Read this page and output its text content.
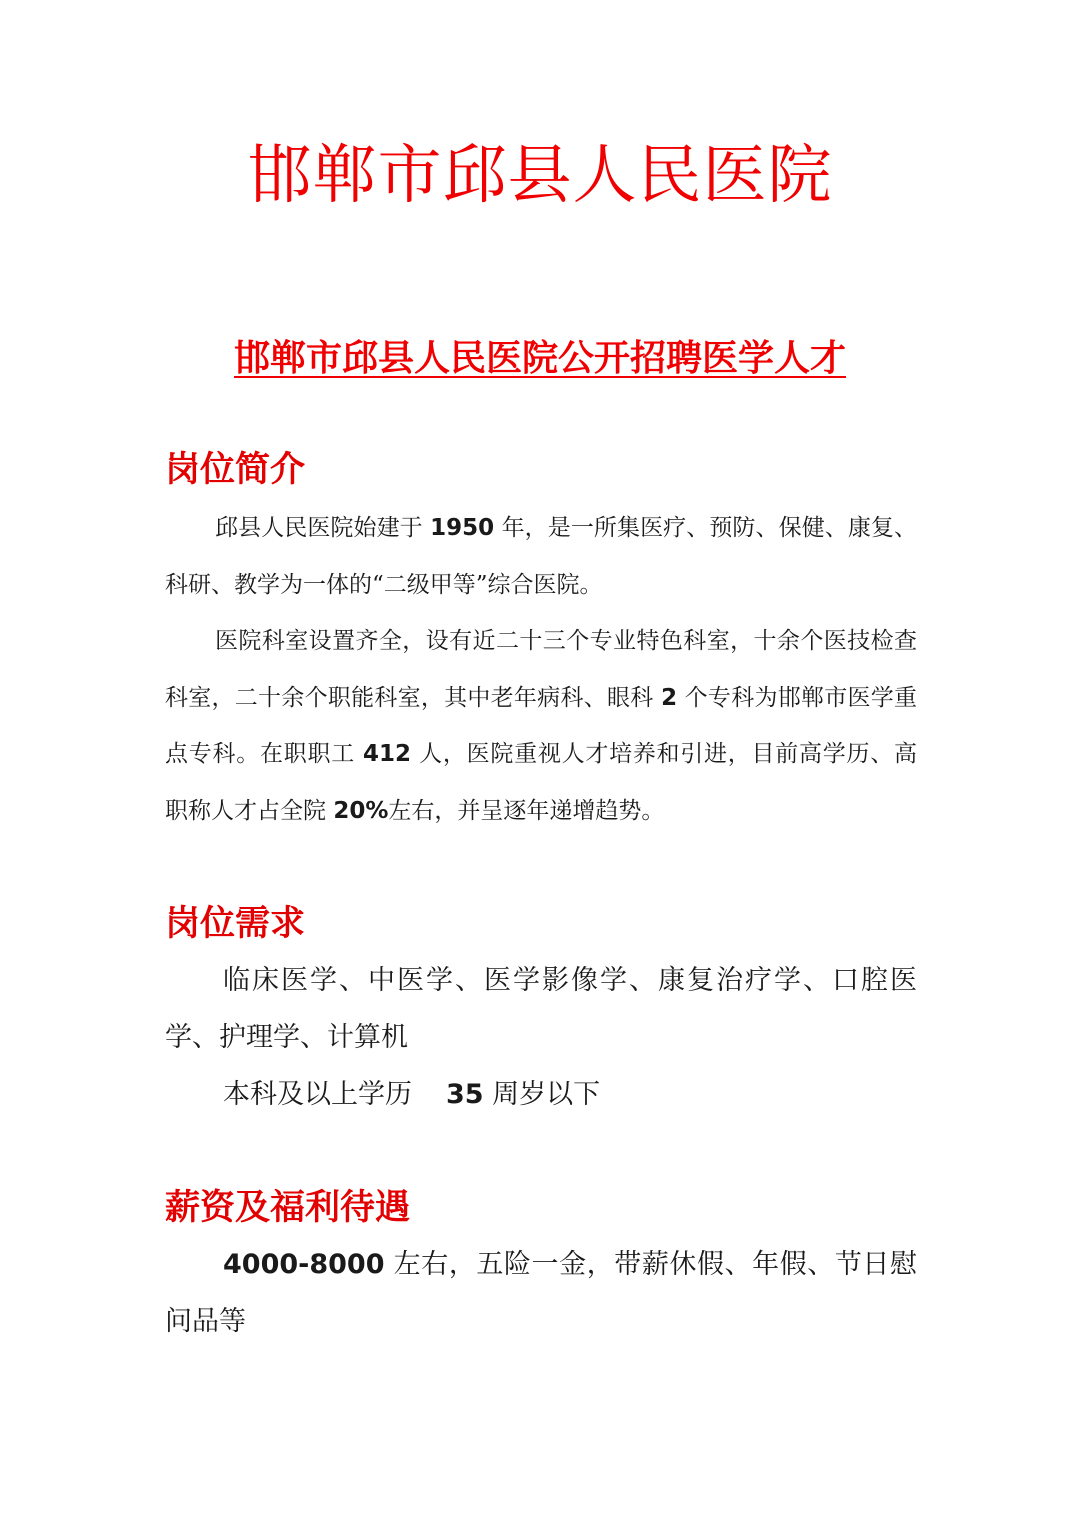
邯郸市邱县人民医院
邯郸市邱县人民医院公开招聘医学人才
岗位简介

邱县人民医院始建于 1950 年，是一所集医疗、预防、保健、康复、科研、教学为一体的“二级甲等”综合医院。

医院科室设置齐全，设有近二十三个专业特色科室，十余个医技检查科室，二十余个职能科室，其中老年病科、眼科 2 个专科为邯郸市医学重点专科。在职职工 412 人，医院重视人才培养和引进，目前高学历、高职称人才占全院 20%左右，并呈逐年递增趋势。

岗位需求

临床医学、中医学、医学影像学、康复治疗学、口腔医学、护理学、计算机

本科及以上学历 35 周岁以下

薪资及福利待遇

4000-8000 左右，五险一金，带薪休假、年假、节日慰问品等
